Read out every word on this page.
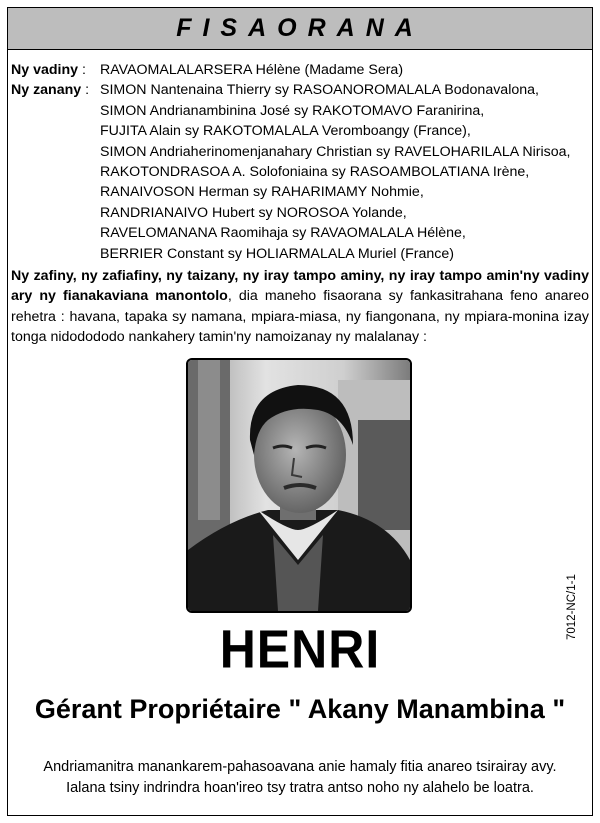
FISAORANA
Ny vadiny : RAVAOMALALARSERA Hélène (Madame Sera)
Ny zanany : SIMON Nantenaina Thierry sy RASOANOROMALALA Bodonavalona,
SIMON Andrianambinina José sy RAKOTOMAVO Faranirina,
FUJITA Alain sy RAKOTOMALALA Veromboangy (France),
SIMON Andriaherinomenjanahary Christian sy RAVELOHARILALA Nirisoa,
RAKOTONDRASOA A. Solofoniaina sy RASOAMBOLATIANA Irène,
RANAIVOSON Herman sy RAHARIMAMY Nohmie,
RANDRIANAIVO Hubert sy NOROSOA Yolande,
RAVELOMANANA Raomihaja sy RAVAOMALALA Hélène,
BERRIER Constant sy HOLIARMALALA Muriel (France)
Ny zafiny, ny zafiafiny, ny taizany, ny iray tampo aminy, ny iray tampo amin'ny vadiny ary ny fianakaviana manontolo, dia maneho fisaorana sy fankasitrahana feno anareo rehetra : havana, tapaka sy namana, mpiara-miasa, ny fiangonana, ny mpiara-monina izay tonga nidodododo nankahery tamin'ny namoizanay ny malalanay :
7012-NC/1-1
HENRI
Gérant Propriétaire " Akany Manambina "
Andriamanitra manankarem-pahasoavana anie hamaly fitia anareo tsirairay avy.
Ialana tsiny indrindra hoan'ireo tsy tratra antso noho ny alahelo be loatra.
